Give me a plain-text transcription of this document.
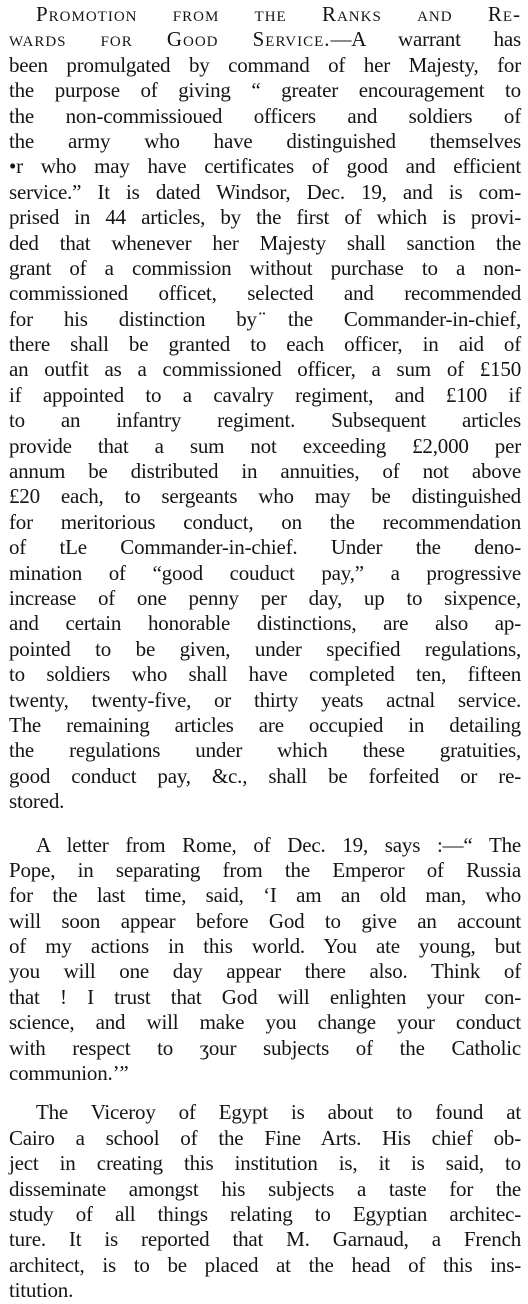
Promotion from the Ranks and Re-
wards for Good Service.—A warrant has
been promulgated by command of her Majesty, for
the purpose of giving “ greater encouragement to
the non-commissioued officers and soldiers of
the army who have distinguished themselves
•r who may have certificates of good and efficient
service.” It is dated Windsor, Dec. 19, and is com-
prised in 44 articles, by the first of which is provi-
ded that whenever her Majesty shall sanction the
grant of a commission without purchase to a non-
commissioned officet, selected and recommended
for his distinction by ̈the Commander-in-chief,
there shall be granted to each officer, in aid of
an outfit as a commissioned officer, a sum of £150
if appointed to a cavalry regiment, and £100 if
to an infantry regiment. Subsequent articles
provide that a sum not exceeding £2,000 per
annum be distributed in annuities, of not above
£20 each, to sergeants who may be distinguished
for meritorious conduct, on the recommendation
of tLe Commander-in-chief. Under the deno-
mination of “good couduct pay,” a progressive
increase of one penny per day, up to sixpence,
and certain honorable distinctions, are also ap-
pointed to be given, under specified regulations,
to soldiers who shall have completed ten, fifteen
twenty, twenty-five, or thirty yeats actnal service.
The remaining articles are occupied in detailing
the regulations under which these gratuities,
good conduct pay, &c., shall be forfeited or re-
stored.
A letter from Rome, of Dec. 19, says :—“ The
Pope, in separating from the Emperor of Russia
for the last time, said, ‘I am an old man, who
will soon appear before God to give an account
of my actions in this world. You ate young, but
you will one day appear there also. Think of
that ! I trust that God will enlighten your con-
science, and will make you change your conduct
with respect to ʒour subjects of the Catholic
communion.’”
The Viceroy of Egypt is about to found at
Cairo a school of the Fine Arts. His chief ob-
ject in creating this institution is, it is said, to
disseminate amongst his subjects a taste for the
study of all things relating to Egyptian architec-
ture. It is reported that M. Garnaud, a French
architect, is to be placed at the head of this ins-
titution.
